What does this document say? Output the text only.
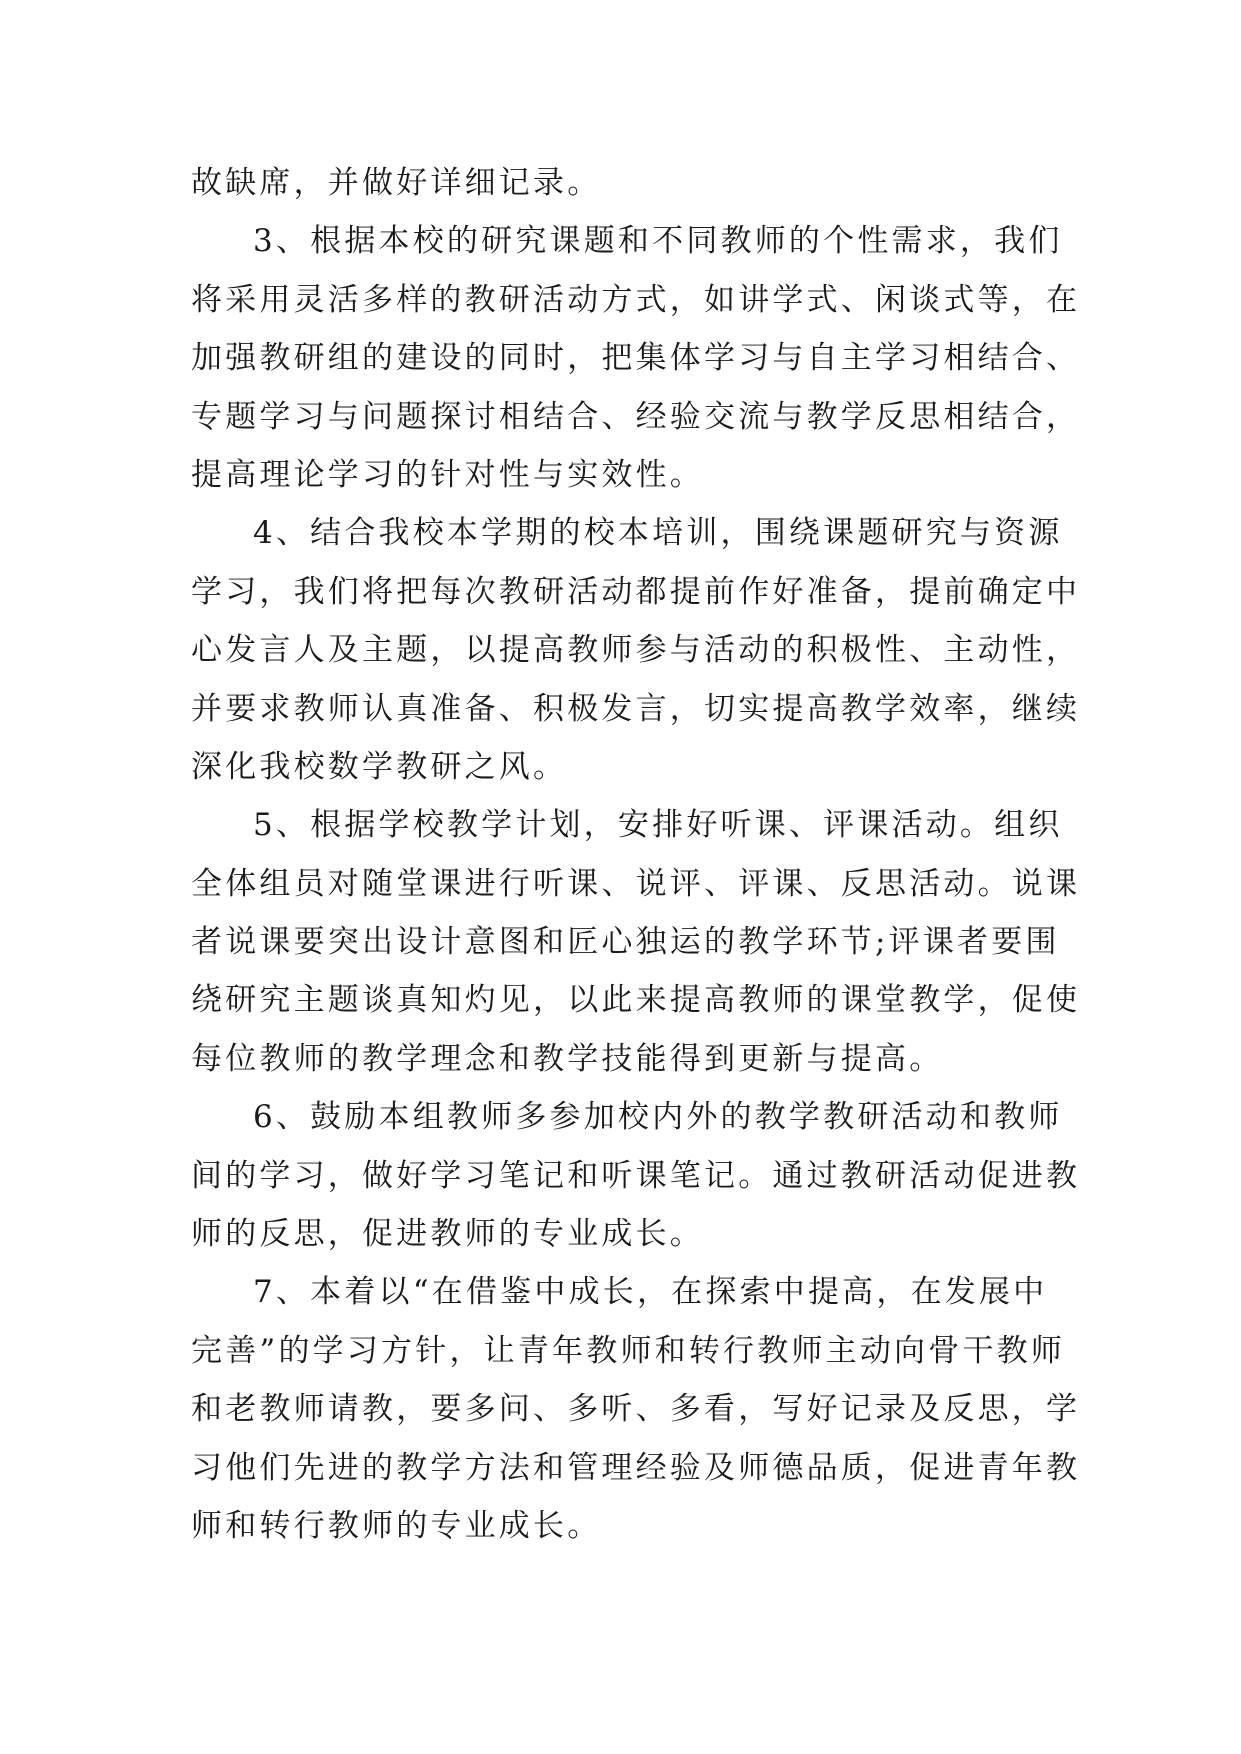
故缺席，并做好详细记录。
3、根据本校的研究课题和不同教师的个性需求，我们
将采用灵活多样的教研活动方式，如讲学式、闲谈式等，在
加强教研组的建设的同时，把集体学习与自主学习相结合、
专题学习与问题探讨相结合、经验交流与教学反思相结合，
提高理论学习的针对性与实效性。
4、结合我校本学期的校本培训，围绕课题研究与资源
学习，我们将把每次教研活动都提前作好准备，提前确定中
心发言人及主题，以提高教师参与活动的积极性、主动性，
并要求教师认真准备、积极发言，切实提高教学效率，继续
深化我校数学教研之风。
5、根据学校教学计划，安排好听课、评课活动。组织
全体组员对随堂课进行听课、说评、评课、反思活动。说课
者说课要突出设计意图和匠心独运的教学环节;评课者要围
绕研究主题谈真知灼见，以此来提高教师的课堂教学，促使
每位教师的教学理念和教学技能得到更新与提高。
6、鼓励本组教师多参加校内外的教学教研活动和教师
间的学习，做好学习笔记和听课笔记。通过教研活动促进教
师的反思，促进教师的专业成长。
7、本着以“在借鉴中成长，在探索中提高，在发展中
完善”的学习方针，让青年教师和转行教师主动向骨干教师
和老教师请教，要多问、多听、多看，写好记录及反思，学
习他们先进的教学方法和管理经验及师德品质，促进青年教
师和转行教师的专业成长。
